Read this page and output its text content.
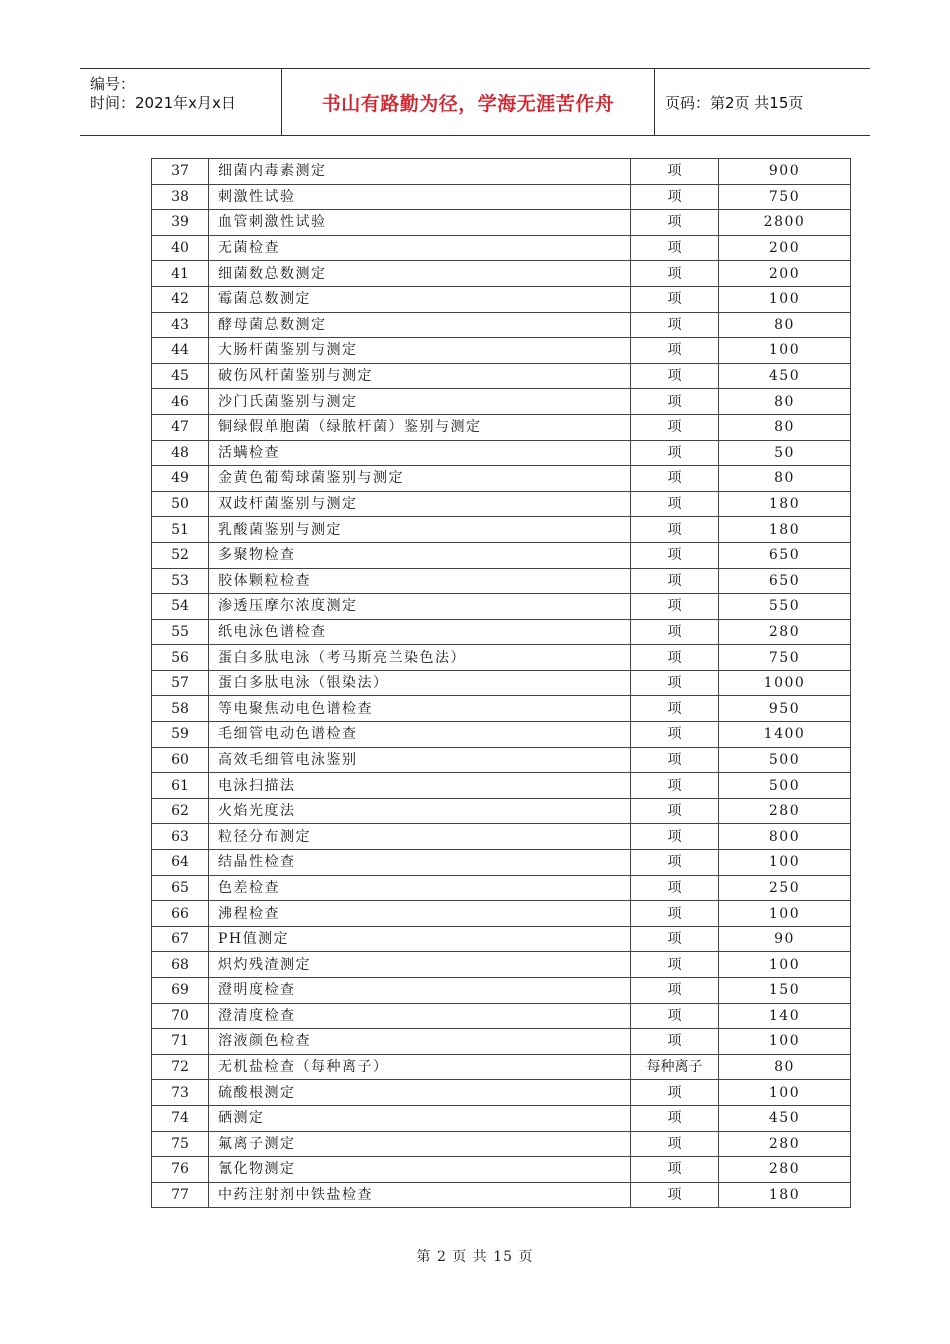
编号：
时间：2021年x月x日	书山有路勤为径，学海无涯苦作舟	页码：第2页 共15页
37	细菌内毒素测定	项	900
38	刺激性试验	项	750
39	血管刺激性试验	项	2800
40	无菌检查	项	200
41	细菌数总数测定	项	200
42	霉菌总数测定	项	100
43	酵母菌总数测定	项	80
44	大肠杆菌鉴别与测定	项	100
45	破伤风杆菌鉴别与测定	项	450
46	沙门氏菌鉴别与测定	项	80
47	铜绿假单胞菌（绿脓杆菌）鉴别与测定	项	80
48	活螨检查	项	50
49	金黄色葡萄球菌鉴别与测定	项	80
50	双歧杆菌鉴别与测定	项	180
51	乳酸菌鉴别与测定	项	180
52	多聚物检查	项	650
53	胶体颗粒检查	项	650
54	渗透压摩尔浓度测定	项	550
55	纸电泳色谱检查	项	280
56	蛋白多肽电泳（考马斯亮兰染色法）	项	750
57	蛋白多肽电泳（银染法）	项	1000
58	等电聚焦动电色谱检查	项	950
59	毛细管电动色谱检查	项	1400
60	高效毛细管电泳鉴别	项	500
61	电泳扫描法	项	500
62	火焰光度法	项	280
63	粒径分布测定	项	800
64	结晶性检查	项	100
65	色差检查	项	250
66	沸程检查	项	100
67	PH值测定	项	90
68	炽灼残渣测定	项	100
69	澄明度检查	项	150
70	澄清度检查	项	140
71	溶液颜色检查	项	100
72	无机盐检查（每种离子）	每种离子	80
73	硫酸根测定	项	100
74	硒测定	项	450
75	氟离子测定	项	280
76	氰化物测定	项	280
77	中药注射剂中铁盐检查	项	180
第 2 页 共 15 页
